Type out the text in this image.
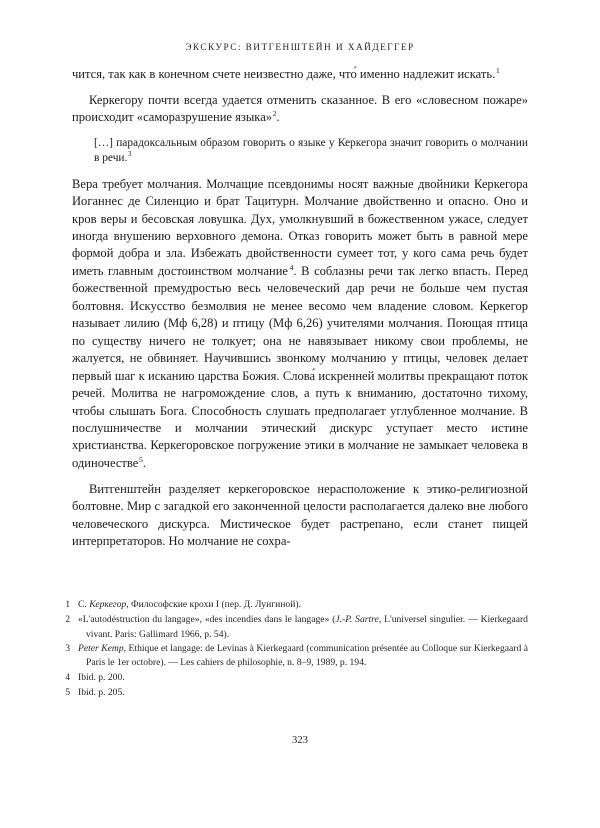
ЭКСКУРС: ВИТГЕНШТЕЙН И ХАЙДЕГГЕР

чится, так как в конечном счете неизвестно даже, что́ именно надлежит искать.$^1$

Керкегору почти всегда удается отменить сказанное. В его «словесном пожаре» происходит «саморазрушение языка»$^2$.

[…] парадоксальным образом говорить о языке у Керкегора значит говорить о молчании в речи.$^3$

Вера требует молчания. Молчащие псевдонимы носят важные двойники Керкегора Иоганнес де Силенцио и брат Тацитурн. Молчание двойственно и опасно. Оно и кров веры и бесовская ловушка. Дух, умолкнувший в божественном ужасе, следует иногда внушению верховного демона. Отказ говорить может быть в равной мере формой добра и зла. Избежать двойственности сумеет тот, у кого сама речь будет иметь главным достоинством молчание $^4$. В соблазны речи так легко впасть. Перед божественной премудростью весь человеческий дар речи не больше чем пустая болтовня. Искусство безмолвия не менее весомо чем владение словом. Керкегор называет лилию (Мф 6,28) и птицу (Мф 6,26) учителями молчания. Поющая птица по существу ничего не толкует; она не навязывает никому свои проблемы, не жалуется, не обвиняет. Научившись звонкому молчанию у птицы, человек делает первый шаг к исканию царства Божия. Слова́ искренней молитвы прекращают поток речей. Молитва не нагромождение слов, а путь к вниманию, достаточно тихому, чтобы слышать Бога. Способность слушать предполагает углубленное молчание. В послушничестве и молчании этический дискурс уступает место истине христианства. Керкегоровское погружение этики в молчание не замыкает человека в одиночестве$^5$.

Витгенштейн разделяет керкегоровское нерасположение к этико-религиозной болтовне. Мир с загадкой его законченной целости располагается далеко вне любого человеческого дискурса. Мистическое будет растрепано, если станет пищей интерпретаторов. Но молчание не сохра-

1 С. Керкегор, Философские крохи I (пер. Д. Лунгиной).
2 «L'autodéstruction du langage», «des incendies dans le langage» (J.-P. Sartre, L'universel singulier. — Kierkegaard vivant. Paris: Gallimard 1966, p. 54).
3 Peter Kemp, Ethique et langage: de Levinas à Kierkegaard (communication présentée au Colloque sur Kierkegaard à Paris le 1er octobre). — Les cahiers de philosophie, n. 8–9, 1989, p. 194.
4 Ibid. p. 200.
5 Ibid. p. 205.
323
